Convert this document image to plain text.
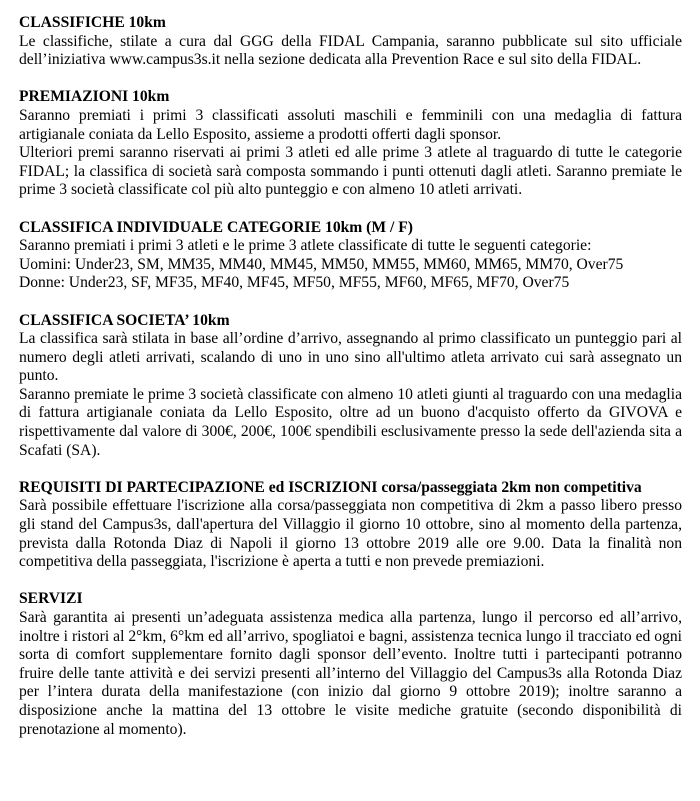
CLASSIFICHE 10km

Le classifiche, stilate a cura dal GGG della FIDAL Campania, saranno pubblicate sul sito ufficiale dell’iniziativa www.campus3s.it nella sezione dedicata alla Prevention Race e sul sito della FIDAL.

PREMIAZIONI 10km

Saranno premiati i primi 3 classificati assoluti maschili e femminili con una medaglia di fattura artigianale coniata da Lello Esposito, assieme a prodotti offerti dagli sponsor.

Ulteriori premi saranno riservati ai primi 3 atleti ed alle prime 3 atlete al traguardo di tutte le categorie FIDAL; la classifica di società sarà composta sommando i punti ottenuti dagli atleti. Saranno premiate le prime 3 società classificate col più alto punteggio e con almeno 10 atleti arrivati.

CLASSIFICA INDIVIDUALE CATEGORIE 10km (M / F)

Saranno premiati i primi 3 atleti e le prime 3 atlete classificate di tutte le seguenti categorie:

Uomini: Under23, SM, MM35, MM40, MM45, MM50, MM55, MM60, MM65, MM70, Over75

Donne: Under23, SF, MF35, MF40, MF45, MF50, MF55, MF60, MF65, MF70, Over75

CLASSIFICA SOCIETA’ 10km

La classifica sarà stilata in base all’ordine d’arrivo, assegnando al primo classificato un punteggio pari al numero degli atleti arrivati, scalando di uno in uno sino all'ultimo atleta arrivato cui sarà assegnato un punto.

Saranno premiate le prime 3 società classificate con almeno 10 atleti giunti al traguardo con una medaglia di fattura artigianale coniata da Lello Esposito, oltre ad un buono d'acquisto offerto da GIVOVA e rispettivamente dal valore di 300€, 200€, 100€ spendibili esclusivamente presso la sede dell'azienda sita a Scafati (SA).

REQUISITI DI PARTECIPAZIONE ed ISCRIZIONI corsa/passeggiata 2km non competitiva

Sarà possibile effettuare l'iscrizione alla corsa/passeggiata non competitiva di 2km a passo libero presso gli stand del Campus3s, dall'apertura del Villaggio il giorno 10 ottobre, sino al momento della partenza, prevista dalla Rotonda Diaz di Napoli il giorno 13 ottobre 2019 alle ore 9.00. Data la finalità non competitiva della passeggiata, l'iscrizione è aperta a tutti e non prevede premiazioni.

SERVIZI

Sarà garantita ai presenti un’adeguata assistenza medica alla partenza, lungo il percorso ed all’arrivo, inoltre i ristori al 2°km, 6°km ed all’arrivo, spogliatoi e bagni, assistenza tecnica lungo il tracciato ed ogni sorta di comfort supplementare fornito dagli sponsor dell’evento. Inoltre tutti i partecipanti potranno fruire delle tante attività e dei servizi presenti all’interno del Villaggio del Campus3s alla Rotonda Diaz per l’intera durata della manifestazione (con inizio dal giorno 9 ottobre 2019); inoltre saranno a disposizione anche la mattina del 13 ottobre le visite mediche gratuite (secondo disponibilità di prenotazione al momento).
